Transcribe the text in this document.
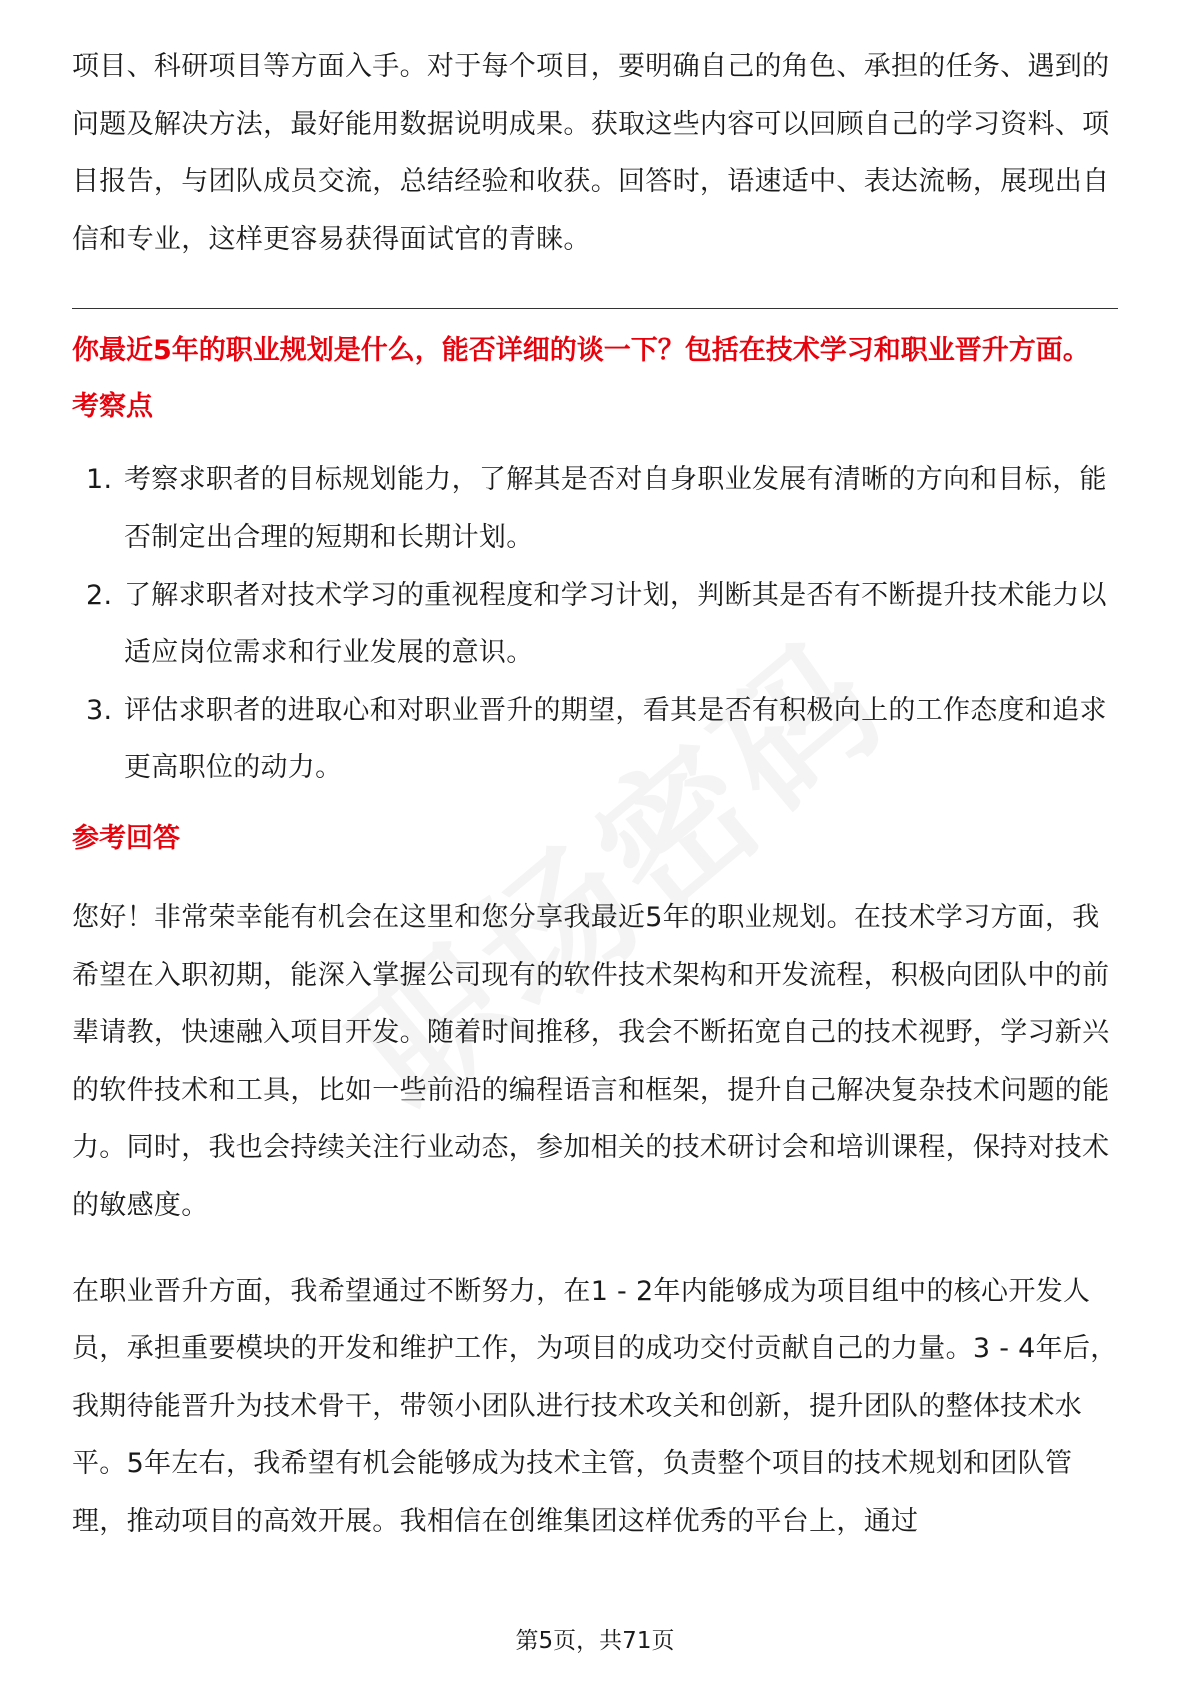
项目、科研项目等方面入手。对于每个项目，要明确自己的角色、承担的任务、遇到的问题及解决方法，最好能用数据说明成果。获取这些内容可以回顾自己的学习资料、项目报告，与团队成员交流，总结经验和收获。回答时，语速适中、表达流畅，展现出自信和专业，这样更容易获得面试官的青睐。

你最近5年的职业规划是什么，能否详细的谈一下？包括在技术学习和职业晋升方面。
考察点
1. 考察求职者的目标规划能力，了解其是否对自身职业发展有清晰的方向和目标，能否制定出合理的短期和长期计划。
2. 了解求职者对技术学习的重视程度和学习计划，判断其是否有不断提升技术能力以适应岗位需求和行业发展的意识。
3. 评估求职者的进取心和对职业晋升的期望，看其是否有积极向上的工作态度和追求更高职位的动力。
参考回答

您好！非常荣幸能有机会在这里和您分享我最近5年的职业规划。在技术学习方面，我希望在入职初期，能深入掌握公司现有的软件技术架构和开发流程，积极向团队中的前辈请教，快速融入项目开发。随着时间推移，我会不断拓宽自己的技术视野，学习新兴的软件技术和工具，比如一些前沿的编程语言和框架，提升自己解决复杂技术问题的能力。同时，我也会持续关注行业动态，参加相关的技术研讨会和培训课程，保持对技术的敏感度。

在职业晋升方面，我希望通过不断努力，在1 - 2年内能够成为项目组中的核心开发人员，承担重要模块的开发和维护工作，为项目的成功交付贡献自己的力量。3 - 4年后，我期待能晋升为技术骨干，带领小团队进行技术攻关和创新，提升团队的整体技术水平。5年左右，我希望有机会能够成为技术主管，负责整个项目的技术规划和团队管理，推动项目的高效开展。我相信在创维集团这样优秀的平台上，通过

第5页，共71页
